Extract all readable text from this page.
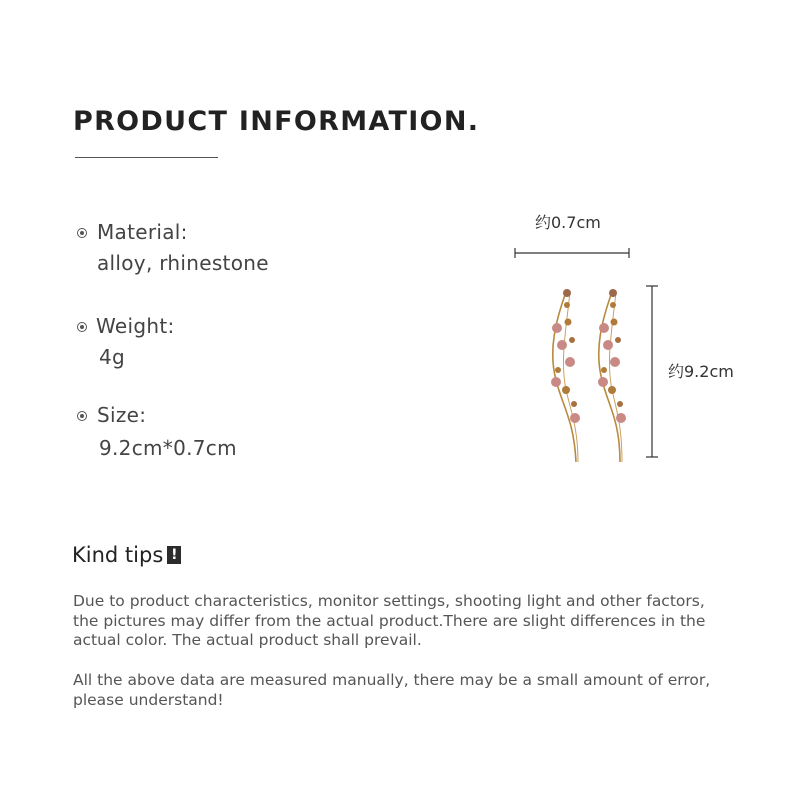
PRODUCT INFORMATION.
Material:
alloy, rhinestone
Weight:
4g
Size:
9.2cm*0.7cm
约0.7cm
约9.2cm
Kind tips !
Due to product characteristics, monitor settings, shooting light and other factors, the pictures may differ from the actual product.There are slight differences in the actual color. The actual product shall prevail.
All the above data are measured manually, there may be a small amount of error, please understand!
